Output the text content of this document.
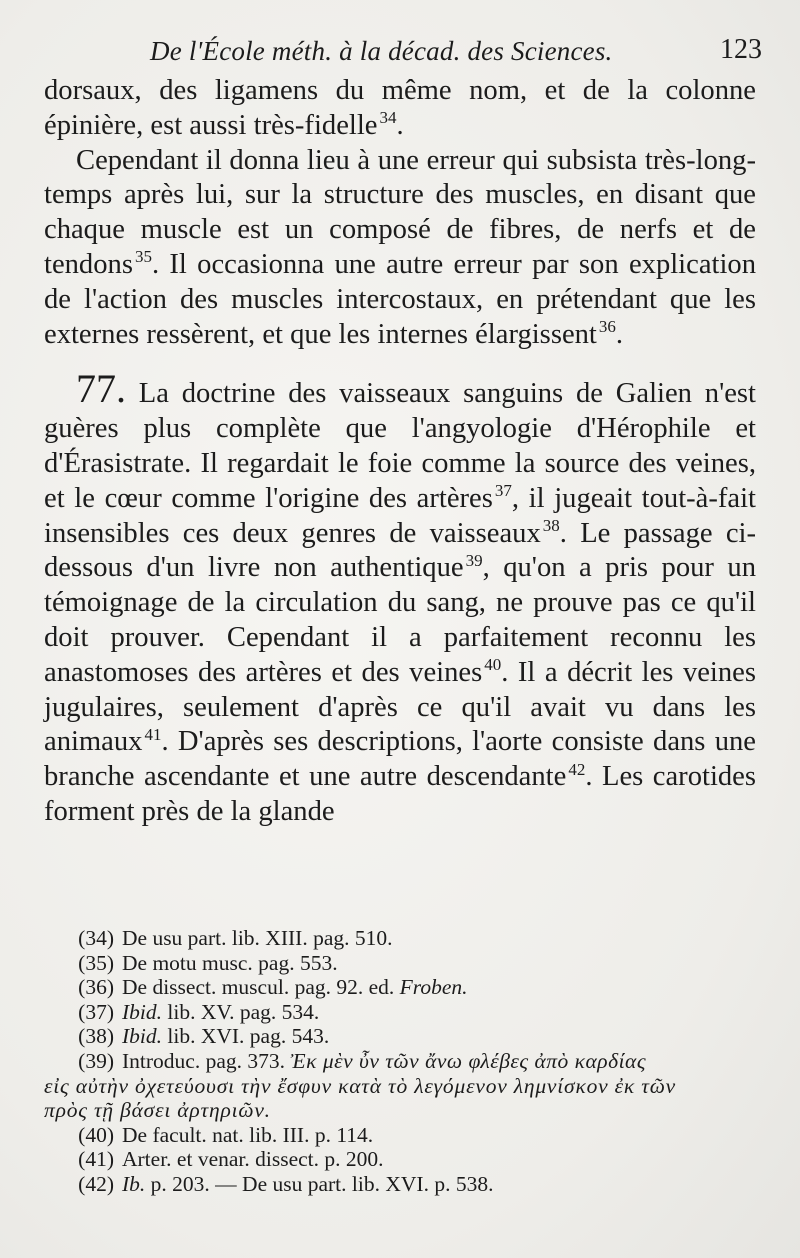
De l'École méth. à la décad. des Sciences.	123

dorsaux, des ligamens du même nom, et de la colonne épinière, est aussi très-fidelle $^{34}$.

Cependant il donna lieu à une erreur qui subsista très-long-temps après lui, sur la structure des muscles, en disant que chaque muscle est un composé de fibres, de nerfs et de tendons $^{35}$. Il occasionna une autre erreur par son explication de l'action des muscles intercostaux, en prétendant que les externes ressèrent, et que les internes élargissent $^{36}$.

77. La doctrine des vaisseaux sanguins de Galien n'est guères plus complète que l'angyologie d'Hérophile et d'Érasistrate. Il regardait le foie comme la source des veines, et le cœur comme l'origine des artères $^{37}$, il jugeait tout-à-fait insensibles ces deux genres de vaisseaux $^{38}$. Le passage ci-dessous d'un livre non authentique $^{39}$, qu'on a pris pour un témoignage de la circulation du sang, ne prouve pas ce qu'il doit prouver. Cependant il a parfaitement reconnu les anastomoses des artères et des veines $^{40}$. Il a décrit les veines jugulaires, seulement d'après ce qu'il avait vu dans les animaux $^{41}$. D'après ses descriptions, l'aorte consiste dans une branche ascendante et une autre descendante $^{42}$. Les carotides forment près de la glande

(34) De usu part. lib. XIII. pag. 510.
(35) De motu musc. pag. 553.
(36) De dissect. muscul. pag. 92. ed. Froben.
(37) Ibid. lib. XV. pag. 534.
(38) Ibid. lib. XVI. pag. 543.
(39) Introduc. pag. 373. Ἐκ μὲν ὖν τῶν ἄνω φλέβες ἀπὸ καρδίας
εἰς αὐτὴν ὀχετεύουσι τὴν ἔσφυν κατὰ τὸ λεγόμενον λημνίσκον ἐκ τῶν
πρὸς τῇ βάσει ἀρτηριῶν.
(40) De facult. nat. lib. III. p. 114.
(41) Arter. et venar. dissect. p. 200.
(42) Ib. p. 203. — De usu part. lib. XVI. p. 538.
